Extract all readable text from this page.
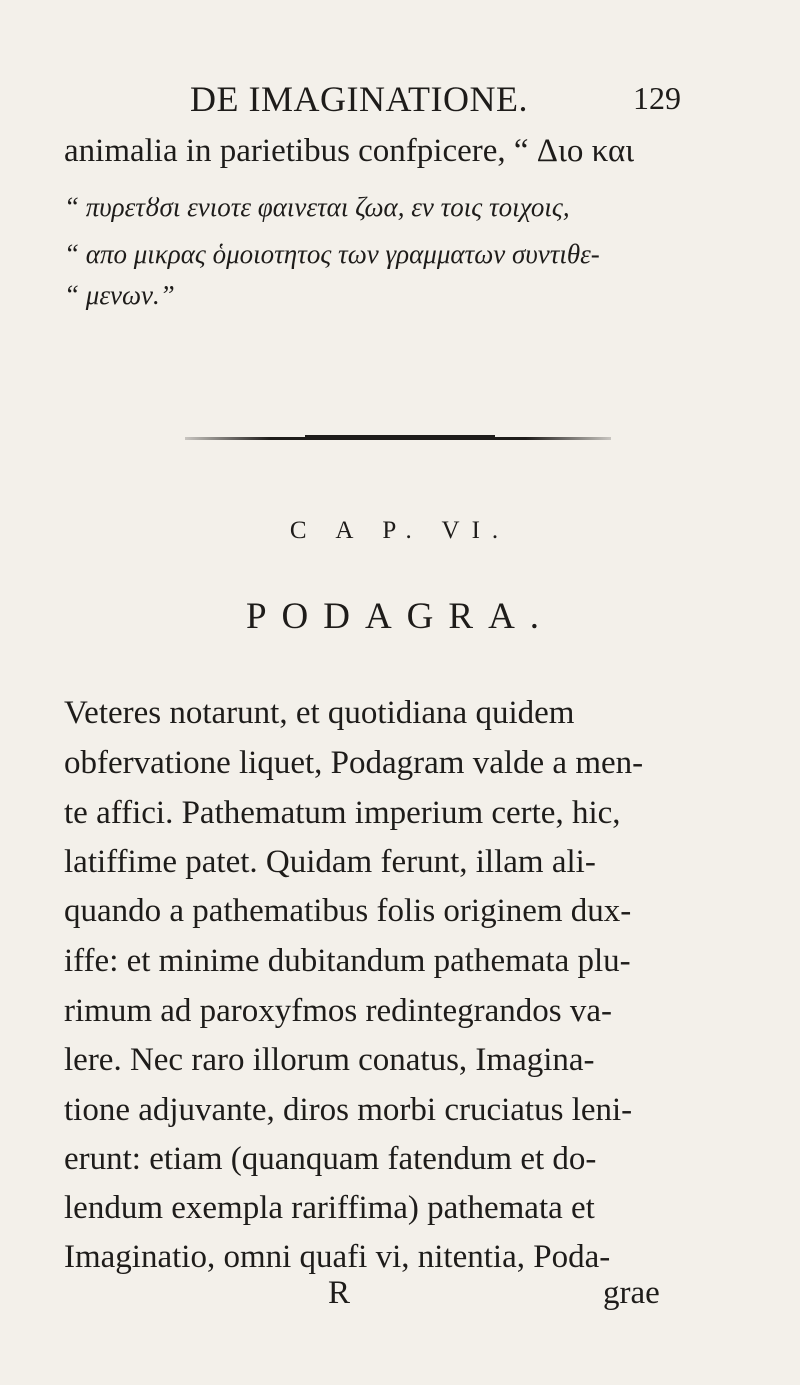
DE IMAGINATIONE.	129
animalia in parietibus confpicere, “ Διο και
“ πυρετȣσι ενιοτε φαινεται ζωα, εν τοις τοιχοις,
“ απο μικρας ὁμοιοτητος των γραμματων συντιθε-
“ μενων.”
C A P. VI.
PODAGRA.
Veteres notarunt, et quotidiana quidem
obfervatione liquet, Podagram valde a men-
te affici. Pathematum imperium certe, hic,
latiffime patet. Quidam ferunt, illam ali-
quando a pathematibus folis originem dux-
iffe: et minime dubitandum pathemata plu-
rimum ad paroxyfmos redintegrandos va-
lere. Nec raro illorum conatus, Imagina-
tione adjuvante, diros morbi cruciatus leni-
erunt: etiam (quanquam fatendum et do-
lendum exempla rariffima) pathemata et
Imaginatio, omni quafi vi, nitentia, Poda-
R	grae
